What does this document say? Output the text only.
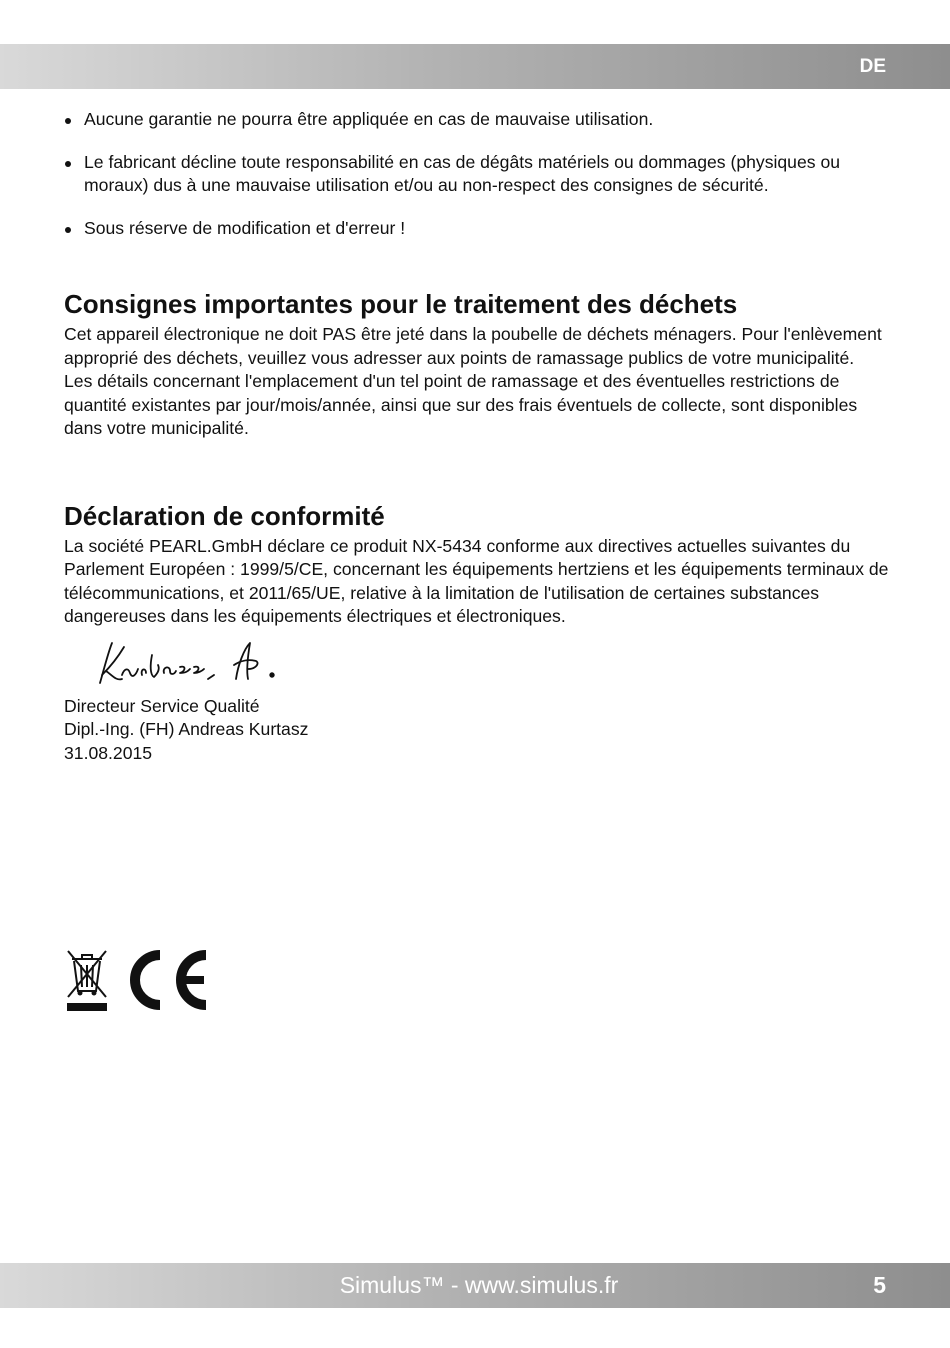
DE
Aucune garantie ne pourra être appliquée en cas de mauvaise utilisation.
Le fabricant décline toute responsabilité en cas de dégâts matériels ou dommages (physiques ou moraux) dus à une mauvaise utilisation et/ou au non-respect des consignes de sécurité.
Sous réserve de modification et d'erreur !
Consignes importantes pour le traitement des déchets

Cet appareil électronique ne doit PAS être jeté dans la poubelle de déchets ménagers. Pour l'enlèvement approprié des déchets, veuillez vous adresser aux points de ramassage publics de votre municipalité.

Les détails concernant l'emplacement d'un tel point de ramassage et des éventuelles restrictions de quantité existantes par jour/mois/année, ainsi que sur des frais éventuels de collecte, sont disponibles dans votre municipalité.

Déclaration de conformité

La société PEARL.GmbH déclare ce produit NX-5434 conforme aux directives actuelles suivantes du Parlement Européen : 1999/5/CE, concernant les équipements hertziens et les équipements terminaux de télécommunications, et 2011/65/UE, relative à la limitation de l'utilisation de certaines substances dangereuses dans les équipements électriques et électroniques.

Directeur Service Qualité
Dipl.-Ing. (FH) Andreas Kurtasz
31.08.2015
Simulus™ - www.simulus.fr	5
